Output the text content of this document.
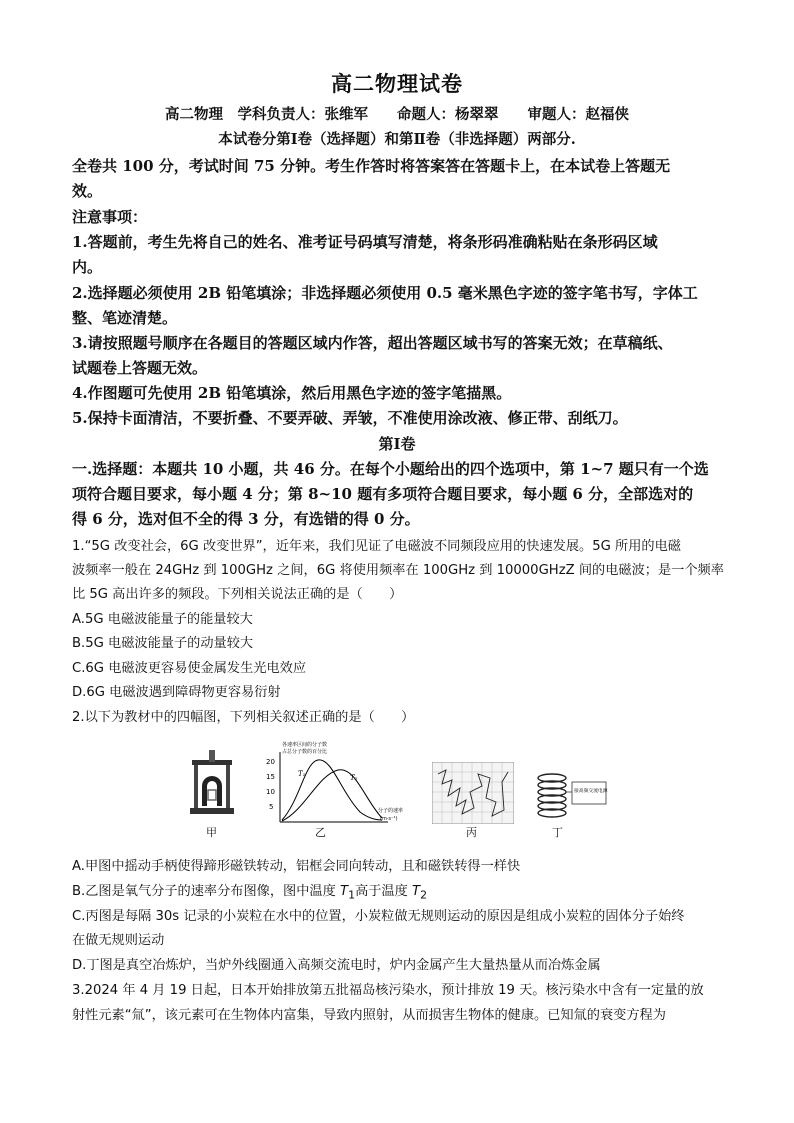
高二物理试卷
高二物理　学科负责人：张维军　　命题人：杨翠翠　　审题人：赵福侠
本试卷分第Ⅰ卷（选择题）和第Ⅱ卷（非选择题）两部分.
全卷共 100 分，考试时间 75 分钟。考生作答时将答案答在答题卡上，在本试卷上答题无
效。
注意事项：
1.答题前，考生先将自己的姓名、准考证号码填写清楚，将条形码准确粘贴在条形码区域
内。
2.选择题必须使用 2B 铅笔填涂；非选择题必须使用 0.5 毫米黑色字迹的签字笔书写，字体工
整、笔迹清楚。
3.请按照题号顺序在各题目的答题区域内作答，超出答题区域书写的答案无效；在草稿纸、
试题卷上答题无效。
4.作图题可先使用 2B 铅笔填涂，然后用黑色字迹的签字笔描黑。
5.保持卡面清洁，不要折叠、不要弄破、弄皱，不准使用涂改液、修正带、刮纸刀。
第Ⅰ卷
一.选择题：本题共 10 小题，共 46 分。在每个小题给出的四个选项中，第 1~7 题只有一个选
项符合题目要求，每小题 4 分；第 8~10 题有多项符合题目要求，每小题 6 分，全部选对的
得 6 分，选对但不全的得 3 分，有选错的得 0 分。
1.“5G 改变社会，6G 改变世界”，近年来，我们见证了电磁波不同频段应用的快速发展。5G 所用的电磁
波频率一般在 24GHz 到 100GHz 之间，6G 将使用频率在 100GHz 到 10000GHzZ 间的电磁波；是一个频率
比 5G 高出许多的频段。下列相关说法正确的是（　　）
A.5G 电磁波能量子的能量较大
B.5G 电磁波能量子的动量较大
C.6G 电磁波更容易使金属发生光电效应
D.6G 电磁波遇到障碍物更容易衍射
2.以下为教材中的四幅图，下列相关叙述正确的是（　　）
甲
各速率区间的分子数
占总分子数的百分比
20
15
10
5
T₁	T₂
分子的速率
(m·s⁻¹)
乙	丙
接高频交流电源
丁
A.甲图中摇动手柄使得蹄形磁铁转动，铝框会同向转动，且和磁铁转得一样快
B.乙图是氧气分子的速率分布图像，图中温度 $T_1$高于温度 $T_2$
C.丙图是每隔 30s 记录的小炭粒在水中的位置，小炭粒做无规则运动的原因是组成小炭粒的固体分子始终
在做无规则运动
D.丁图是真空冶炼炉，当炉外线圈通入高频交流电时，炉内金属产生大量热量从而冶炼金属
3.2024 年 4 月 19 日起，日本开始排放第五批福岛核污染水，预计排放 19 天。核污染水中含有一定量的放
射性元素“氚”，该元素可在生物体内富集，导致内照射，从而损害生物体的健康。已知氚的衰变方程为
